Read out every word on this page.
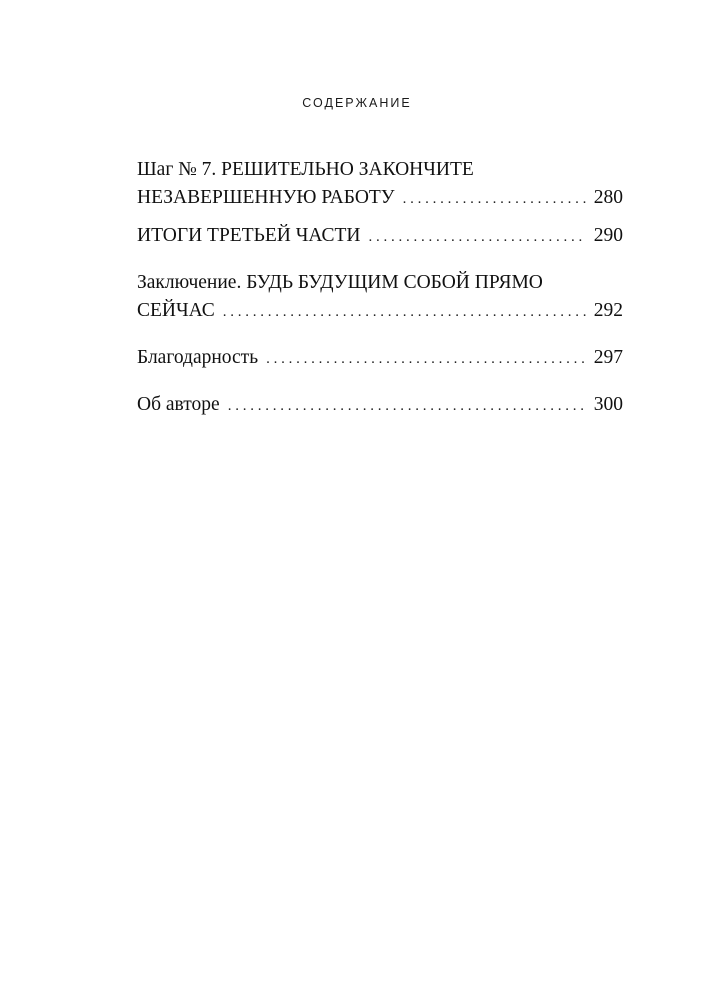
СОДЕРЖАНИЕ
Шаг № 7. РЕШИТЕЛЬНО ЗАКОНЧИТЕ
НЕЗАВЕРШЕННУЮ РАБОТУ . . .	280
ИТОГИ ТРЕТЬЕЙ ЧАСТИ . . .	290
Заключение. БУДЬ БУДУЩИМ СОБОЙ ПРЯМО
СЕЙЧАС . . .	292
Благодарность . . .	297
Об авторе . . .	300
